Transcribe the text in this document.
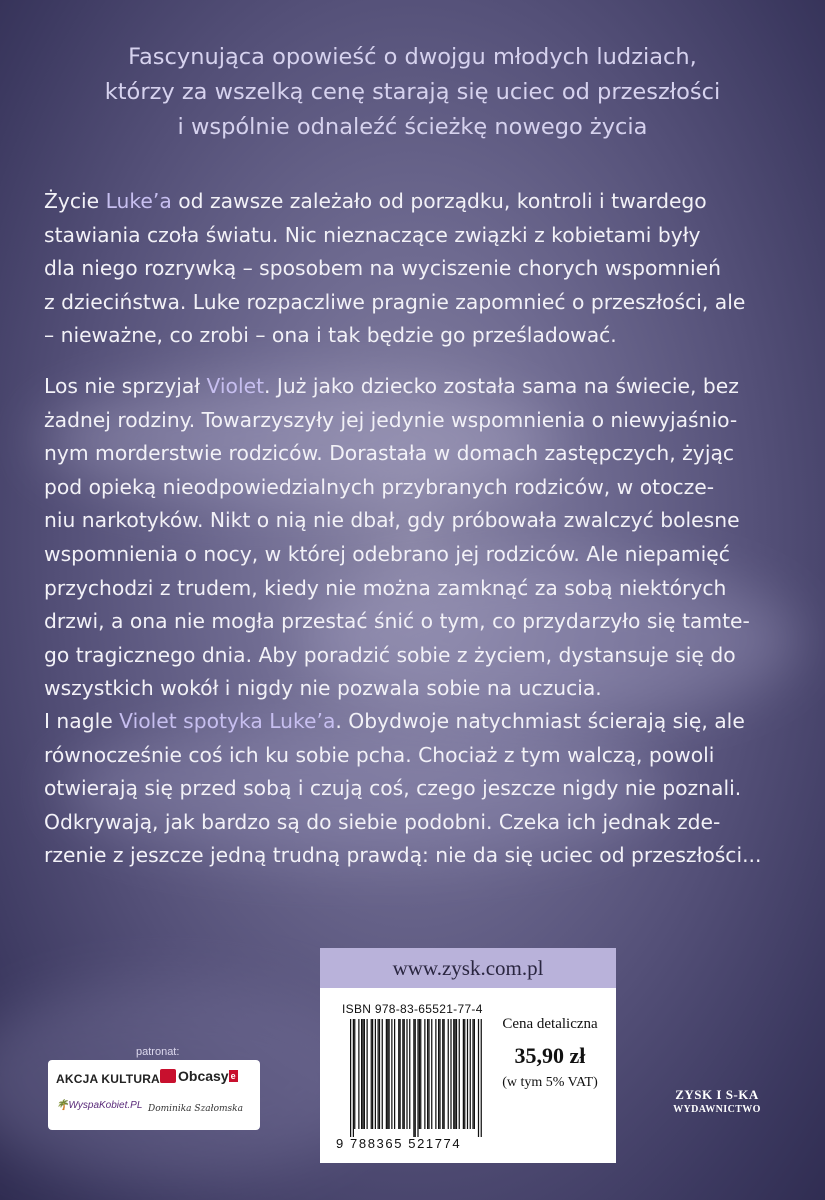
Fascynująca opowieść o dwojgu młodych ludziach,
którzy za wszelką cenę starają się uciec od przeszłości
i wspólnie odnaleźć ścieżkę nowego życia
Życie Luke’a od zawsze zależało od porządku, kontroli i twardego
stawiania czoła światu. Nic nieznaczące związki z kobietami były
dla niego rozrywką – sposobem na wyciszenie chorych wspomnień
z dzieciństwa. Luke rozpaczliwe pragnie zapomnieć o przeszłości, ale
– nieważne, co zrobi – ona i tak będzie go prześladować.
Los nie sprzyjał Violet. Już jako dziecko została sama na świecie, bez
żadnej rodziny. Towarzyszyły jej jedynie wspomnienia o niewyjaśnio-
nym morderstwie rodziców. Dorastała w domach zastępczych, żyjąc
pod opieką nieodpowiedzialnych przybranych rodziców, w otocze-
niu narkotyków. Nikt o nią nie dbał, gdy próbowała zwalczyć bolesne
wspomnienia o nocy, w której odebrano jej rodziców. Ale niepamięć
przychodzi z trudem, kiedy nie można zamknąć za sobą niektórych
drzwi, a ona nie mogła przestać śnić o tym, co przydarzyło się tamte-
go tragicznego dnia. Aby poradzić sobie z życiem, dystansuje się do
wszystkich wokół i nigdy nie pozwala sobie na uczucia.
I nagle Violet spotyka Luke’a. Obydwoje natychmiast ścierają się, ale
równocześnie coś ich ku sobie pcha. Chociaż z tym walczą, powoli
otwierają się przed sobą i czują coś, czego jeszcze nigdy nie poznali.
Odkrywają, jak bardzo są do siebie podobni. Czeka ich jednak zde-
rzenie z jeszcze jedną trudną prawdą: nie da się uciec od przeszłości...
www.zysk.com.pl
ISBN 978-83-65521-77-4
9 788365 521774
Cena detaliczna
35,90 zł
(w tym 5% VAT)
patronat:
AKCJA KULTURA	Obcasy e
🌴WyspaKobiet.PL Dominika Szałomska
ZYSK I S-KA
WYDAWNICTWO
